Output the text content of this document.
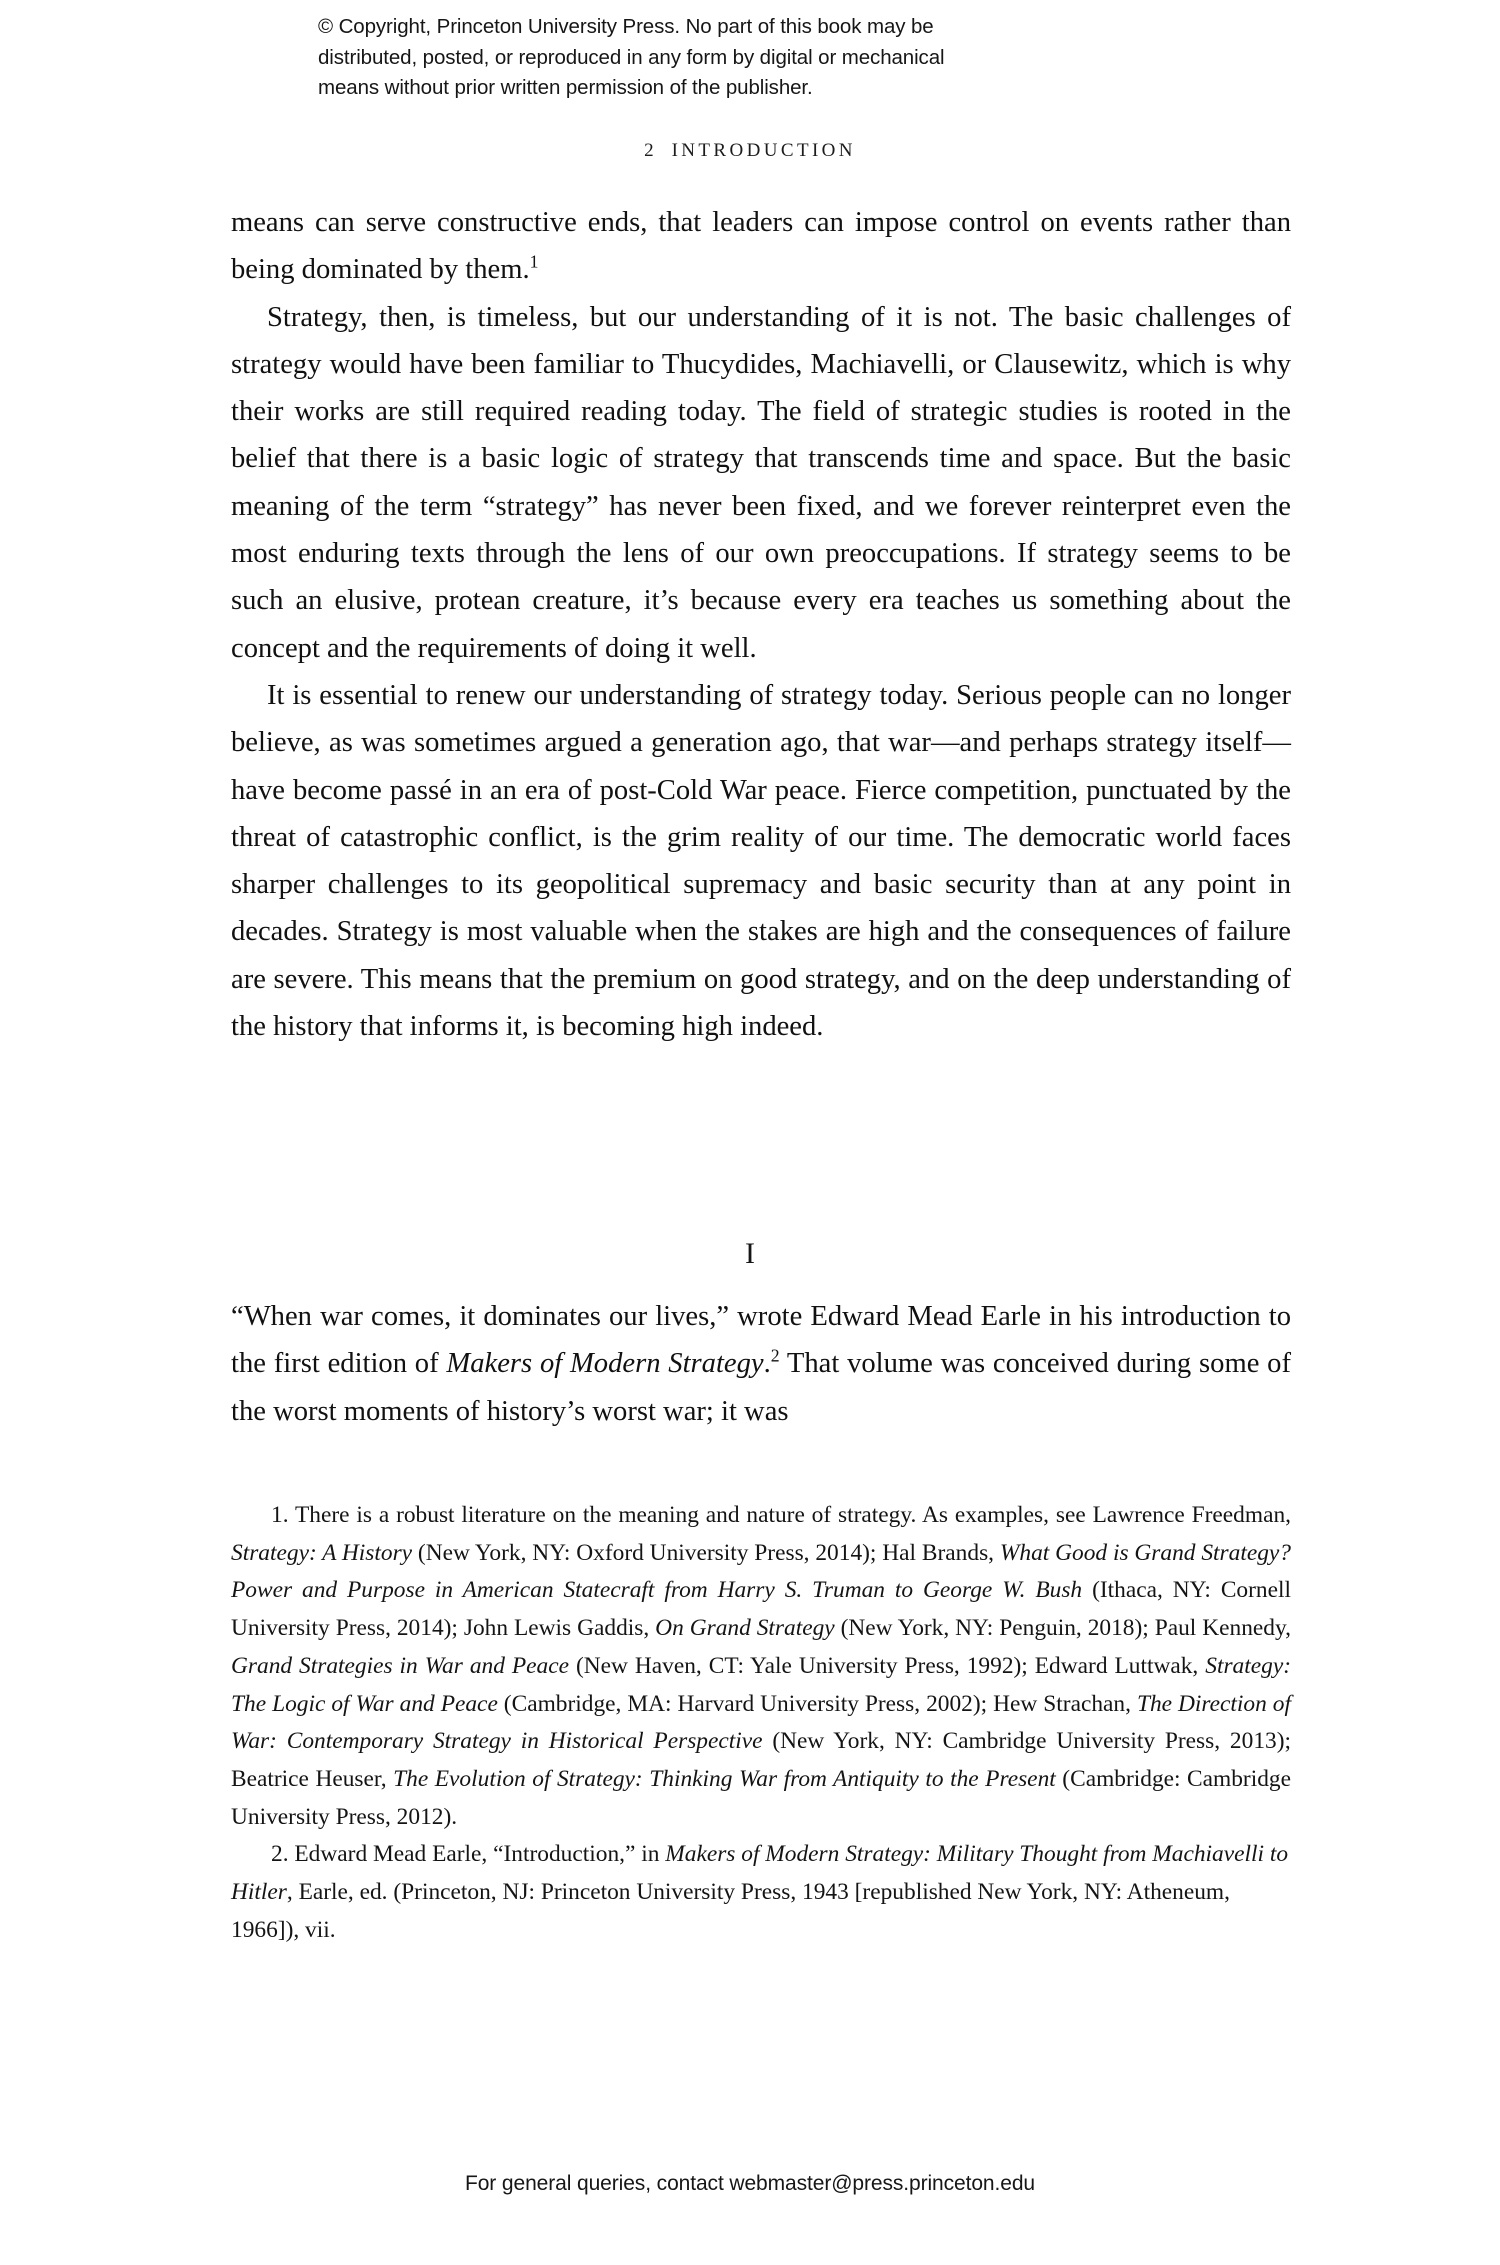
© Copyright, Princeton University Press. No part of this book may be
distributed, posted, or reproduced in any form by digital or mechanical
means without prior written permission of the publisher.
2 INTRODUCTION

means can serve constructive ends, that leaders can impose control on events rather than being dominated by them.$^1$

Strategy, then, is timeless, but our understanding of it is not. The basic challenges of strategy would have been familiar to Thucydides, Machiavelli, or Clausewitz, which is why their works are still required reading today. The field of strategic studies is rooted in the belief that there is a basic logic of strategy that transcends time and space. But the basic meaning of the term “strategy” has never been fixed, and we forever reinterpret even the most enduring texts through the lens of our own preoccupations. If strategy seems to be such an elusive, protean creature, it’s because every era teaches us something about the concept and the requirements of doing it well.

It is essential to renew our understanding of strategy today. Serious people can no longer believe, as was sometimes argued a generation ago, that war—and perhaps strategy itself—have become passé in an era of post-Cold War peace. Fierce competition, punctuated by the threat of catastrophic conflict, is the grim reality of our time. The democratic world faces sharper challenges to its geopolitical supremacy and basic security than at any point in decades. Strategy is most valuable when the stakes are high and the consequences of failure are severe. This means that the premium on good strategy, and on the deep understanding of the history that informs it, is becoming high indeed.

I

“When war comes, it dominates our lives,” wrote Edward Mead Earle in his introduction to the first edition of Makers of Modern Strategy.$^2$ That volume was conceived during some of the worst moments of history’s worst war; it was

1. There is a robust literature on the meaning and nature of strategy. As examples, see Lawrence Freedman, Strategy: A History (New York, NY: Oxford University Press, 2014); Hal Brands, What Good is Grand Strategy? Power and Purpose in American Statecraft from Harry S. Truman to George W. Bush (Ithaca, NY: Cornell University Press, 2014); John Lewis Gaddis, On Grand Strategy (New York, NY: Penguin, 2018); Paul Kennedy, Grand Strategies in War and Peace (New Haven, CT: Yale University Press, 1992); Edward Luttwak, Strategy: The Logic of War and Peace (Cambridge, MA: Harvard University Press, 2002); Hew Strachan, The Direction of War: Contemporary Strategy in Historical Perspective (New York, NY: Cambridge University Press, 2013); Beatrice Heuser, The Evolution of Strategy: Thinking War from Antiquity to the Present (Cambridge: Cambridge University Press, 2012).

2. Edward Mead Earle, “Introduction,” in Makers of Modern Strategy: Military Thought from Machiavelli to Hitler, Earle, ed. (Princeton, NJ: Princeton University Press, 1943 [republished New York, NY: Atheneum, 1966]), vii.

For general queries, contact webmaster@press.princeton.edu
